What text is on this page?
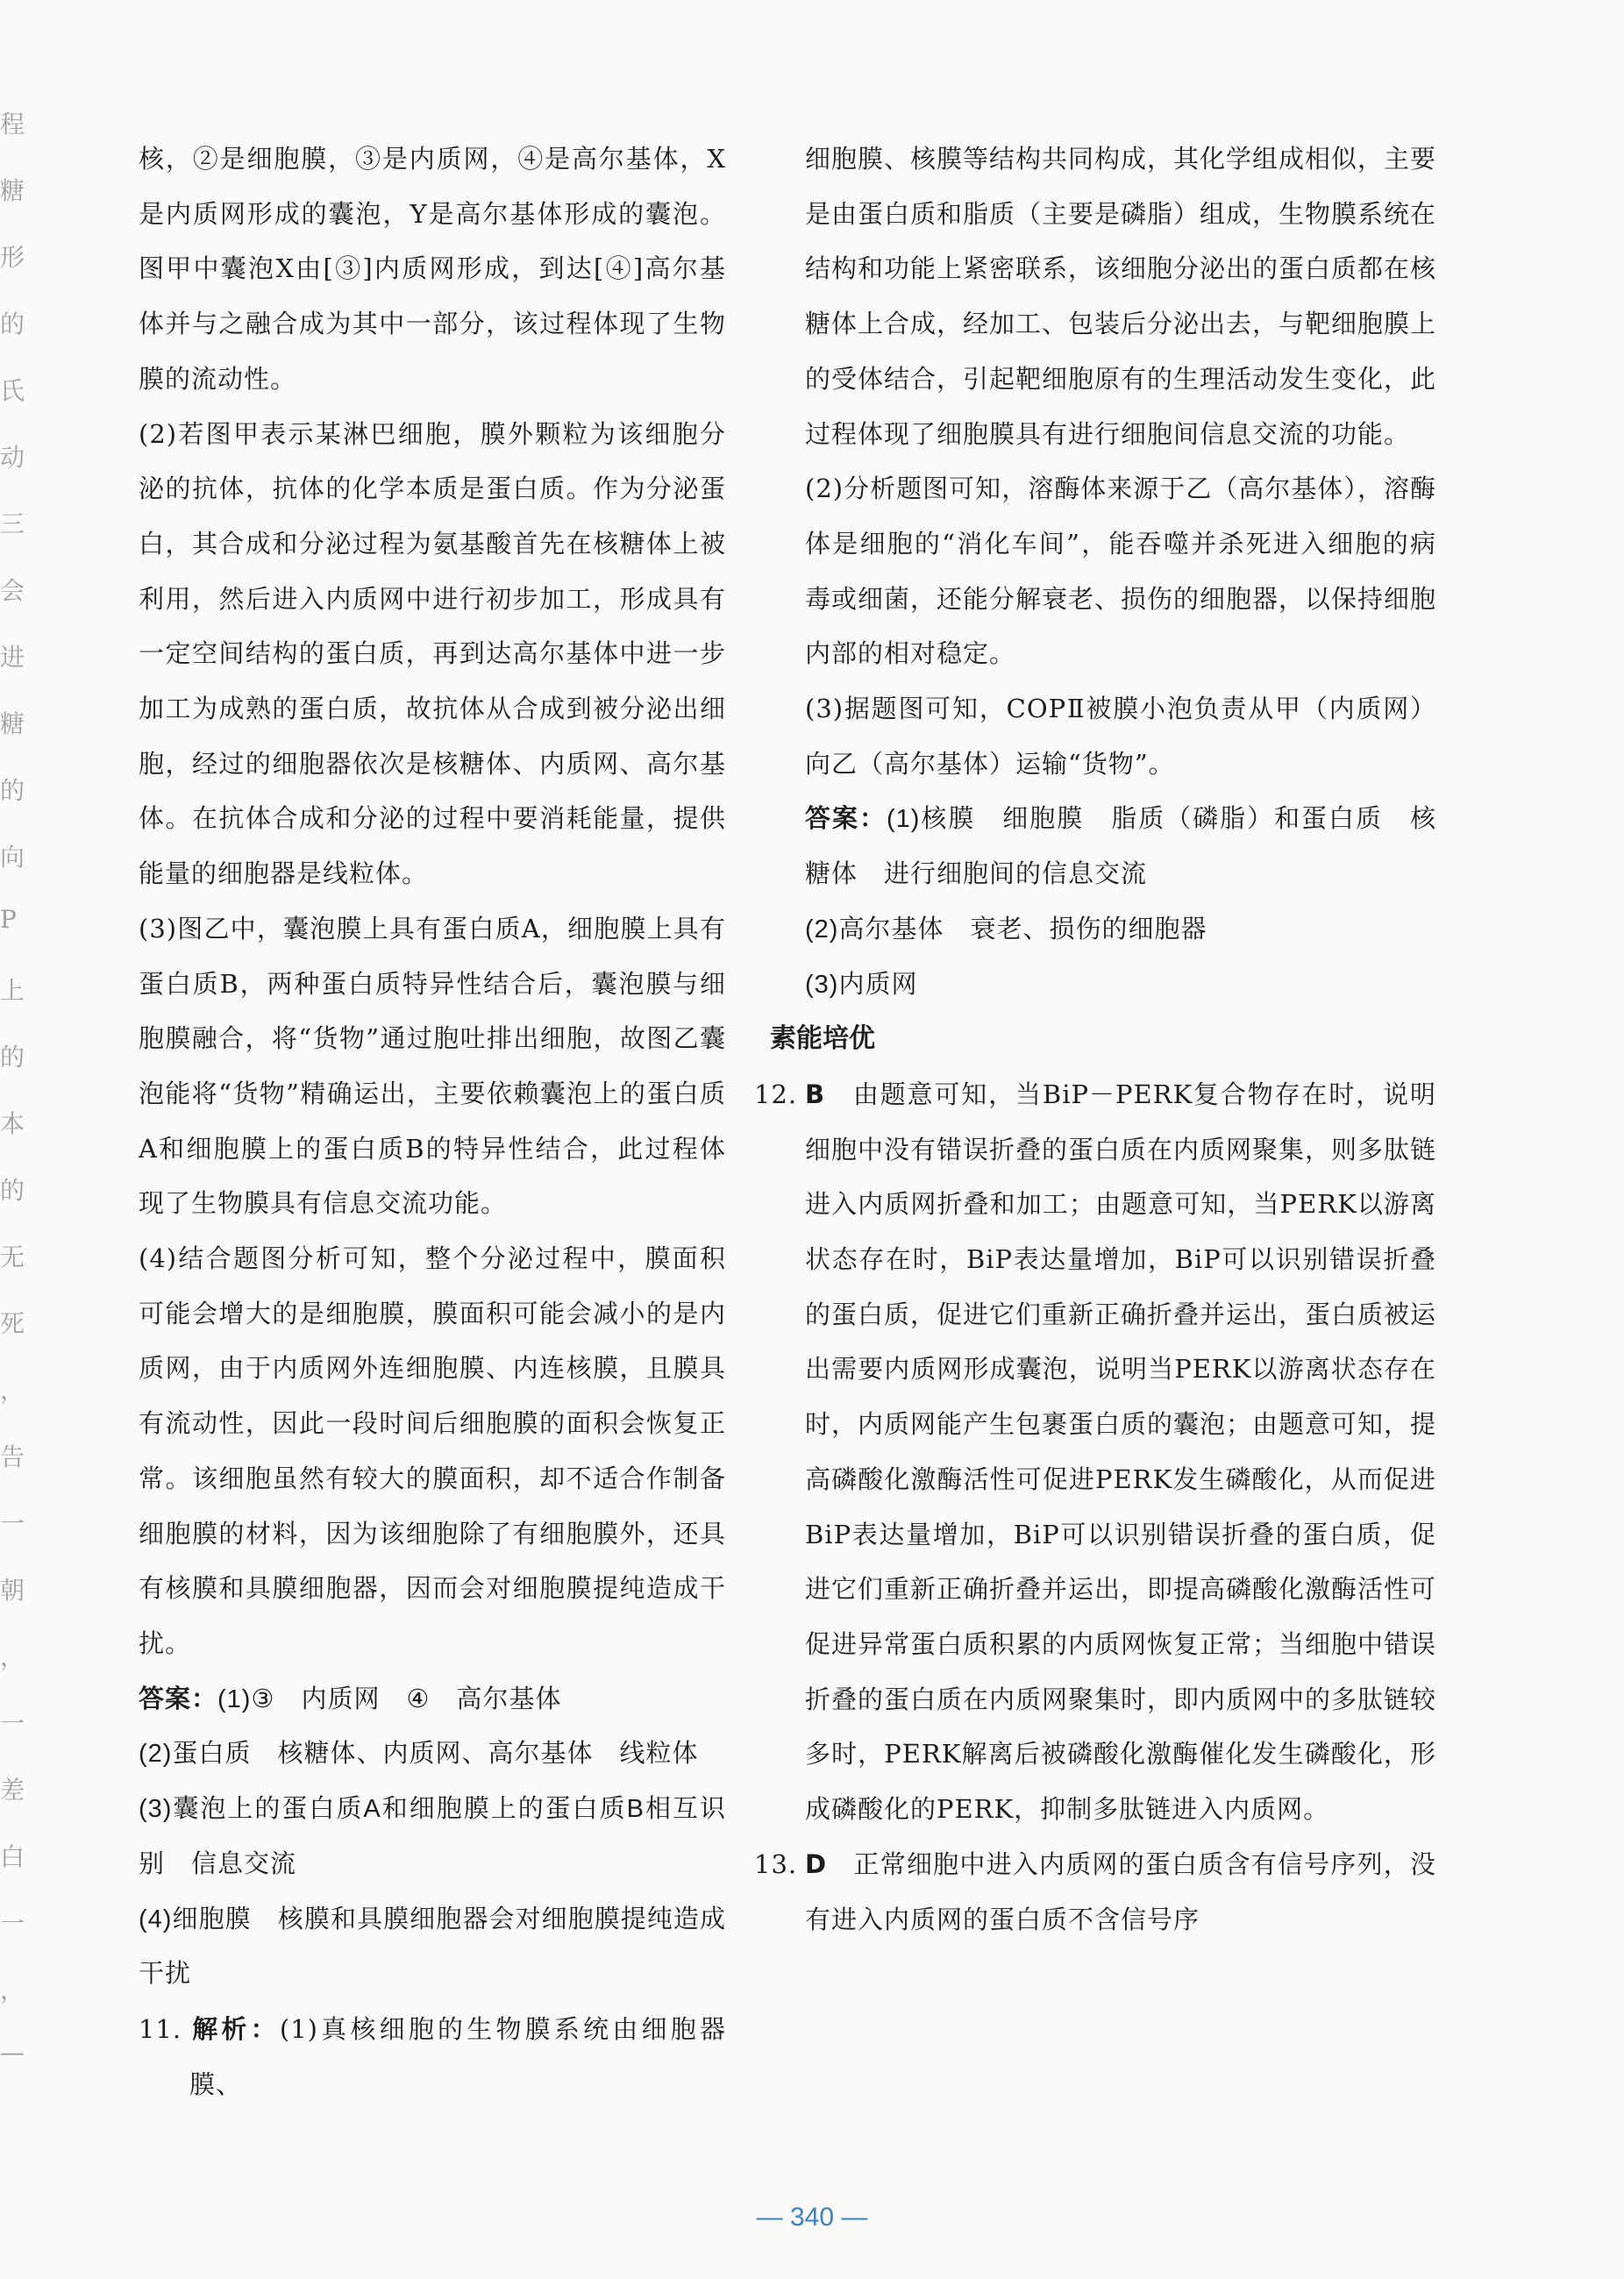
程
糖
形
的
氏
动
三
会
进
糖
的
向
P
上
的
本
的
无
死
，
告
一
朝
，
一
差
白
一
，
—

核，②是细胞膜，③是内质网，④是高尔基体，X是内质网形成的囊泡，Y是高尔基体形成的囊泡。图甲中囊泡X由[③]内质网形成，到达[④]高尔基体并与之融合成为其中一部分，该过程体现了生物膜的流动性。

(2)若图甲表示某淋巴细胞，膜外颗粒为该细胞分泌的抗体，抗体的化学本质是蛋白质。作为分泌蛋白，其合成和分泌过程为氨基酸首先在核糖体上被利用，然后进入内质网中进行初步加工，形成具有一定空间结构的蛋白质，再到达高尔基体中进一步加工为成熟的蛋白质，故抗体从合成到被分泌出细胞，经过的细胞器依次是核糖体、内质网、高尔基体。在抗体合成和分泌的过程中要消耗能量，提供能量的细胞器是线粒体。

(3)图乙中，囊泡膜上具有蛋白质A，细胞膜上具有蛋白质B，两种蛋白质特异性结合后，囊泡膜与细胞膜融合，将“货物”通过胞吐排出细胞，故图乙囊泡能将“货物”精确运出，主要依赖囊泡上的蛋白质A和细胞膜上的蛋白质B的特异性结合，此过程体现了生物膜具有信息交流功能。

(4)结合题图分析可知，整个分泌过程中，膜面积可能会增大的是细胞膜，膜面积可能会减小的是内质网，由于内质网外连细胞膜、内连核膜，且膜具有流动性，因此一段时间后细胞膜的面积会恢复正常。该细胞虽然有较大的膜面积，却不适合作制备细胞膜的材料，因为该细胞除了有细胞膜外，还具有核膜和具膜细胞器，因而会对细胞膜提纯造成干扰。

答案：(1)③　内质网　④　高尔基体

(2)蛋白质　核糖体、内质网、高尔基体　线粒体

(3)囊泡上的蛋白质A和细胞膜上的蛋白质B相互识别　信息交流

(4)细胞膜　核膜和具膜细胞器会对细胞膜提纯造成干扰

11. 解析：(1)真核细胞的生物膜系统由细胞器膜、

细胞膜、核膜等结构共同构成，其化学组成相似，主要是由蛋白质和脂质（主要是磷脂）组成，生物膜系统在结构和功能上紧密联系，该细胞分泌出的蛋白质都在核糖体上合成，经加工、包装后分泌出去，与靶细胞膜上的受体结合，引起靶细胞原有的生理活动发生变化，此过程体现了细胞膜具有进行细胞间信息交流的功能。

(2)分析题图可知，溶酶体来源于乙（高尔基体），溶酶体是细胞的“消化车间”，能吞噬并杀死进入细胞的病毒或细菌，还能分解衰老、损伤的细胞器，以保持细胞内部的相对稳定。

(3)据题图可知，COPⅡ被膜小泡负责从甲（内质网）向乙（高尔基体）运输“货物”。

答案：(1)核膜　细胞膜　脂质（磷脂）和蛋白质　核糖体　进行细胞间的信息交流

(2)高尔基体　衰老、损伤的细胞器

(3)内质网

素能培优

12. B　 由题意可知，当BiP－PERK复合物存在时，说明细胞中没有错误折叠的蛋白质在内质网聚集，则多肽链进入内质网折叠和加工；由题意可知，当PERK以游离状态存在时，BiP表达量增加，BiP可以识别错误折叠的蛋白质，促进它们重新正确折叠并运出，蛋白质被运出需要内质网形成囊泡，说明当PERK以游离状态存在时，内质网能产生包裹蛋白质的囊泡；由题意可知，提高磷酸化激酶活性可促进PERK发生磷酸化，从而促进BiP表达量增加，BiP可以识别错误折叠的蛋白质，促进它们重新正确折叠并运出，即提高磷酸化激酶活性可促进异常蛋白质积累的内质网恢复正常；当细胞中错误折叠的蛋白质在内质网聚集时，即内质网中的多肽链较多时，PERK解离后被磷酸化激酶催化发生磷酸化，形成磷酸化的PERK，抑制多肽链进入内质网。

13. D　 正常细胞中进入内质网的蛋白质含有信号序列，没有进入内质网的蛋白质不含信号序

— 340 —
